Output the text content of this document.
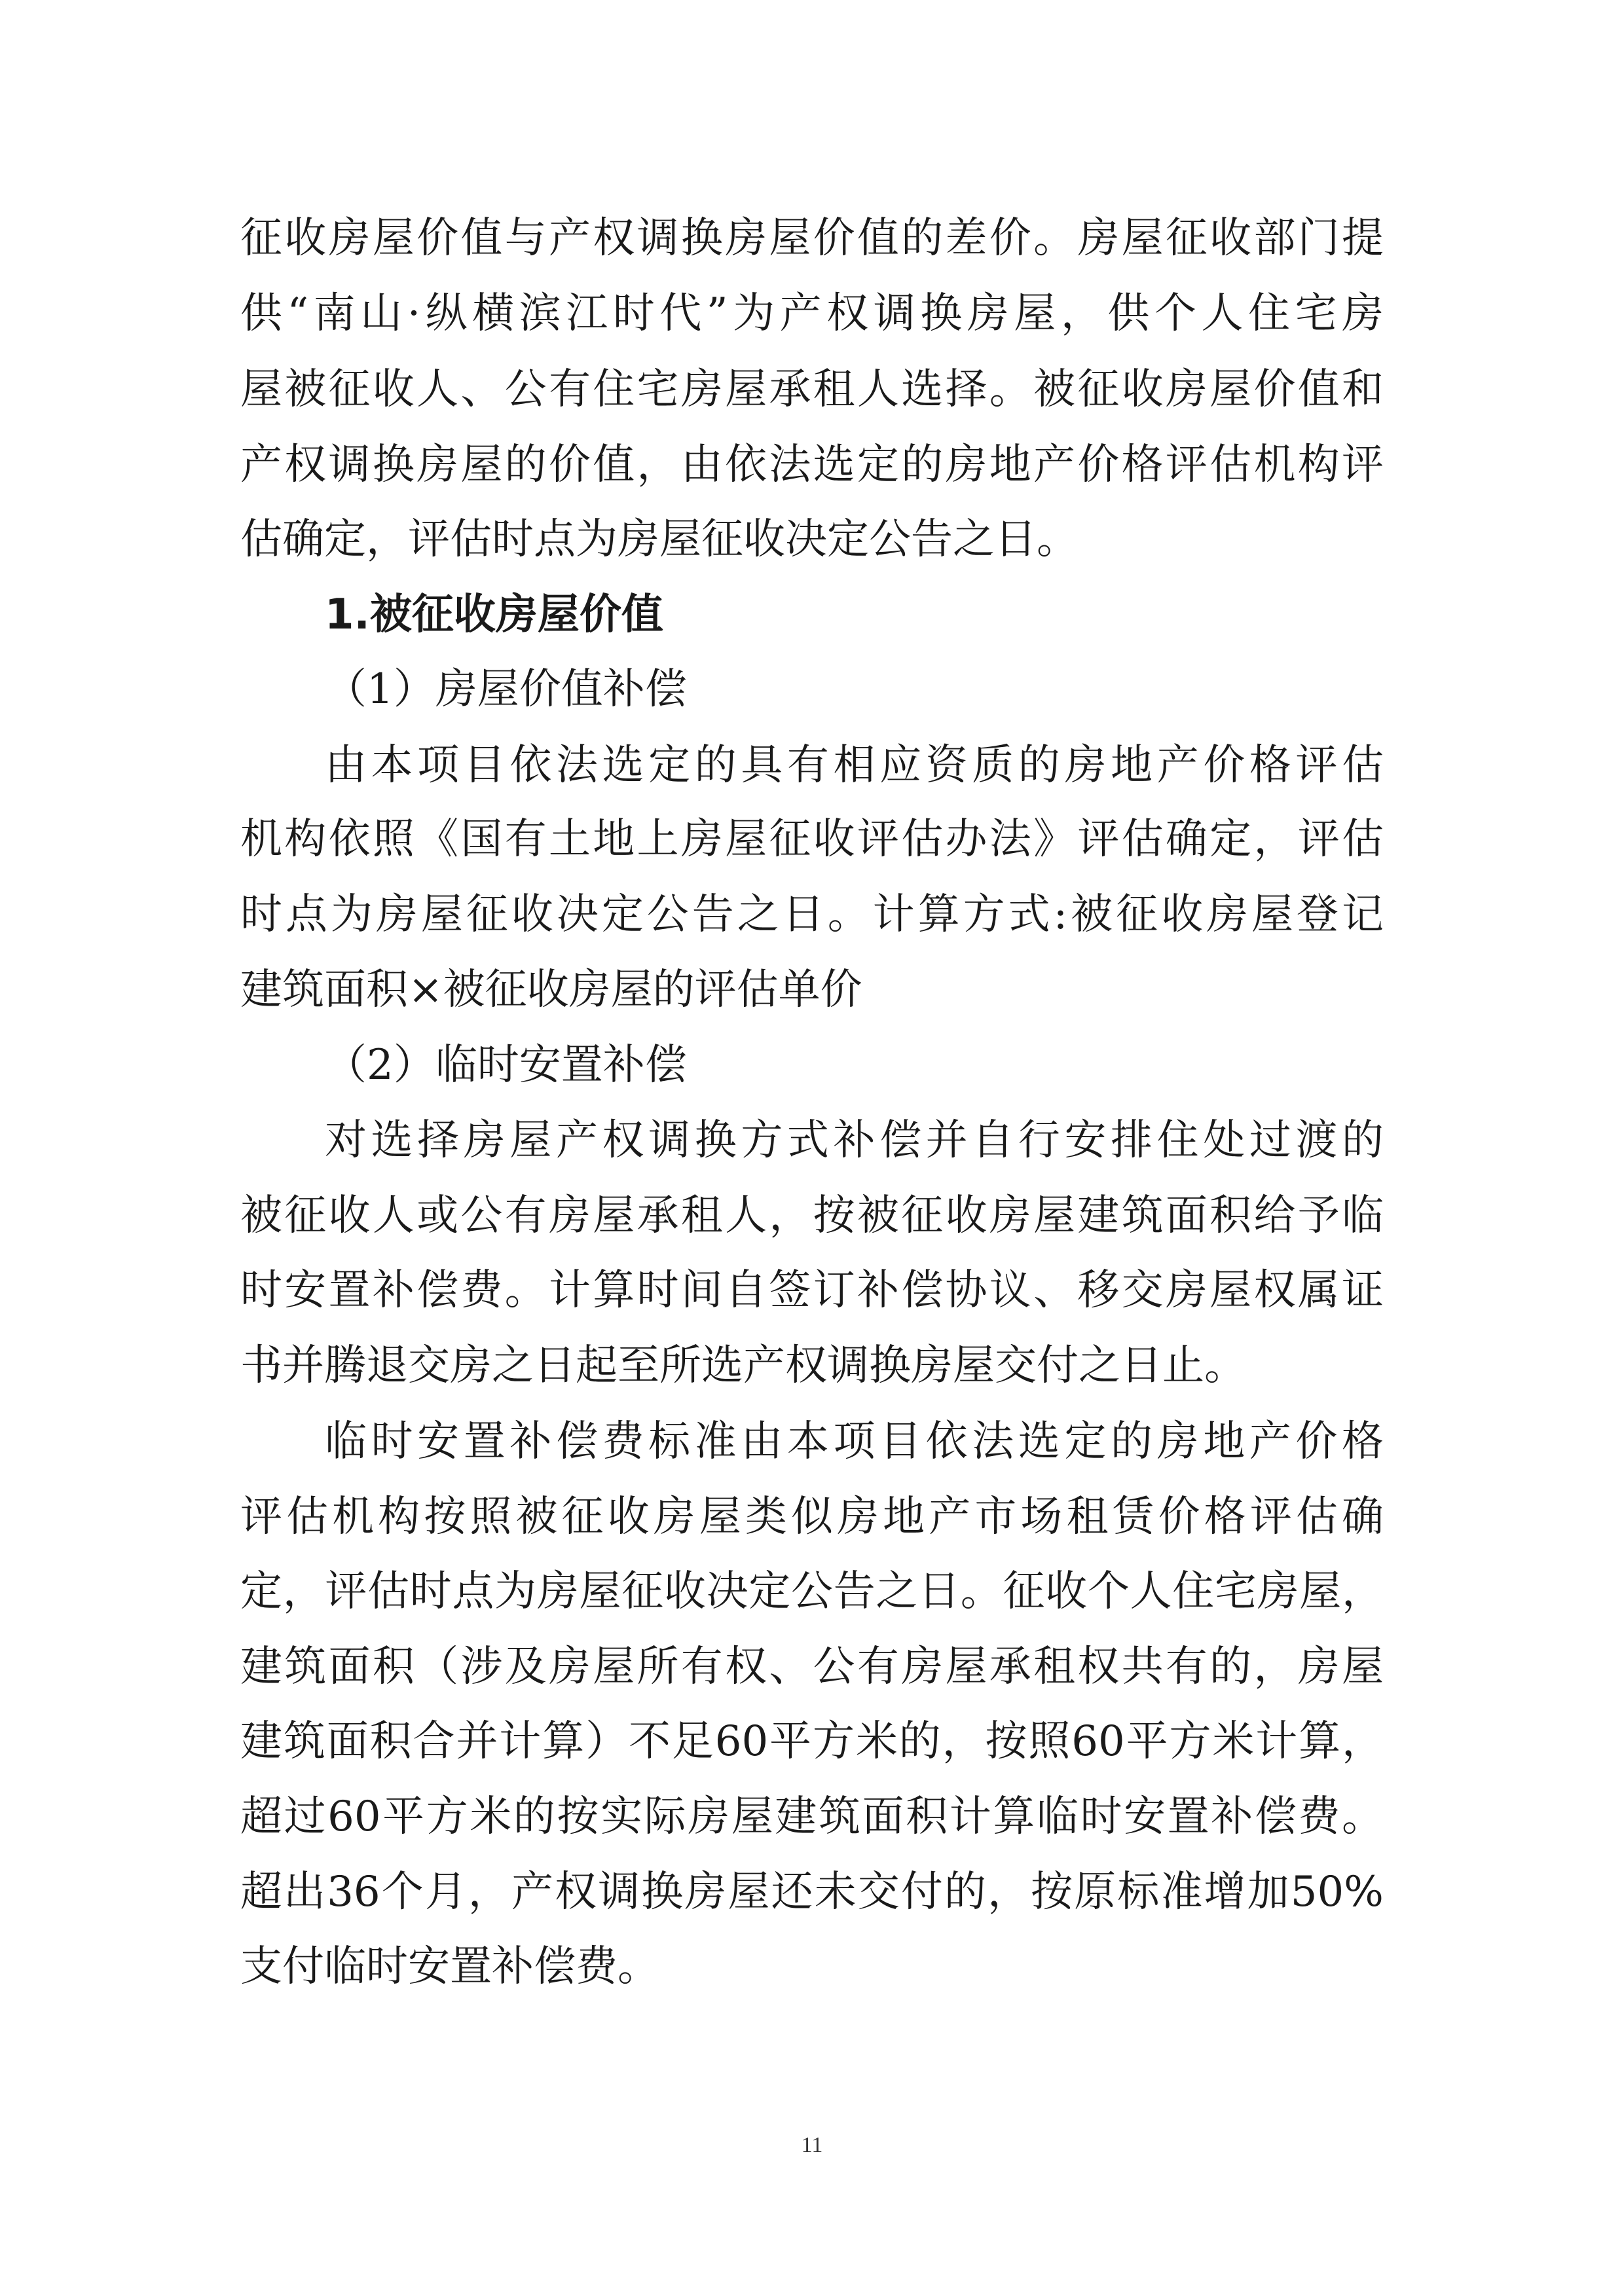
征收房屋价值与产权调换房屋价值的差价。房屋征收部门提
供“南山·纵横滨江时代”为产权调换房屋，供个人住宅房
屋被征收人、公有住宅房屋承租人选择。被征收房屋价值和
产权调换房屋的价值，由依法选定的房地产价格评估机构评
估确定，评估时点为房屋征收决定公告之日。
1.被征收房屋价值
（1）房屋价值补偿
由本项目依法选定的具有相应资质的房地产价格评估
机构依照《国有土地上房屋征收评估办法》评估确定，评估
时点为房屋征收决定公告之日。计算方式:被征收房屋登记
建筑面积×被征收房屋的评估单价
（2）临时安置补偿
对选择房屋产权调换方式补偿并自行安排住处过渡的
被征收人或公有房屋承租人，按被征收房屋建筑面积给予临
时安置补偿费。计算时间自签订补偿协议、移交房屋权属证
书并腾退交房之日起至所选产权调换房屋交付之日止。
临时安置补偿费标准由本项目依法选定的房地产价格
评估机构按照被征收房屋类似房地产市场租赁价格评估确
定，评估时点为房屋征收决定公告之日。征收个人住宅房屋，
建筑面积（涉及房屋所有权、公有房屋承租权共有的，房屋
建筑面积合并计算）不足60平方米的，按照60平方米计算，
超过60平方米的按实际房屋建筑面积计算临时安置补偿费。
超出36个月，产权调换房屋还未交付的，按原标准增加50%
支付临时安置补偿费。
11
